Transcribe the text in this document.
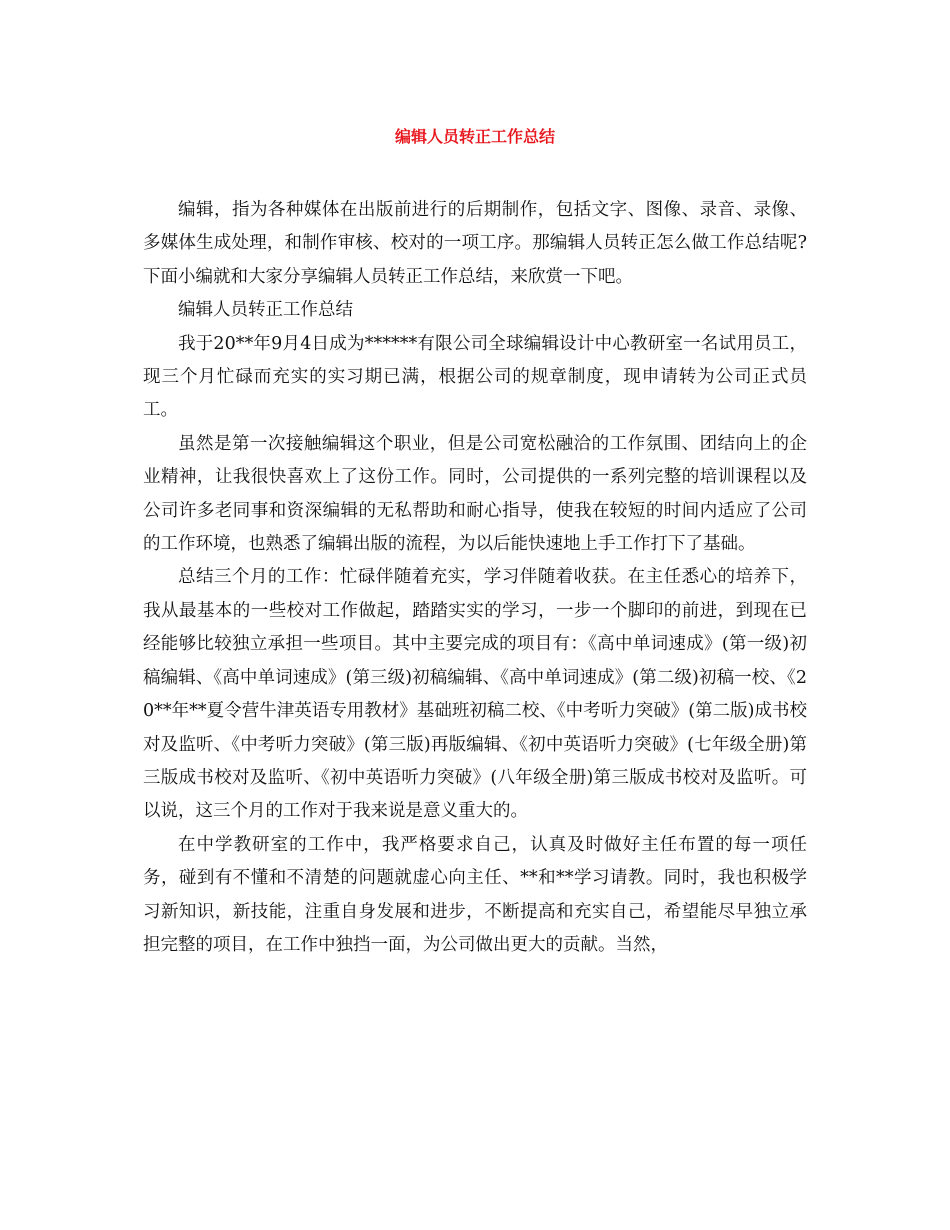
编辑人员转正工作总结

编辑，指为各种媒体在出版前进行的后期制作，包括文字、图像、录音、录像、多媒体生成处理，和制作审核、校对的一项工序。那编辑人员转正怎么做工作总结呢?下面小编就和大家分享编辑人员转正工作总结，来欣赏一下吧。

编辑人员转正工作总结

我于20**年9月4日成为******有限公司全球编辑设计中心教研室一名试用员工，现三个月忙碌而充实的实习期已满，根据公司的规章制度，现申请转为公司正式员工。

虽然是第一次接触编辑这个职业，但是公司宽松融洽的工作氛围、团结向上的企业精神，让我很快喜欢上了这份工作。同时，公司提供的一系列完整的培训课程以及公司许多老同事和资深编辑的无私帮助和耐心指导，使我在较短的时间内适应了公司的工作环境，也熟悉了编辑出版的流程，为以后能快速地上手工作打下了基础。

总结三个月的工作：忙碌伴随着充实，学习伴随着收获。在主任悉心的培养下，我从最基本的一些校对工作做起，踏踏实实的学习，一步一个脚印的前进，到现在已经能够比较独立承担一些项目。其中主要完成的项目有：《高中单词速成》(第一级)初稿编辑、《高中单词速成》(第三级)初稿编辑、《高中单词速成》(第二级)初稿一校、《20**年**夏令营牛津英语专用教材》基础班初稿二校、《中考听力突破》(第二版)成书校对及监听、《中考听力突破》(第三版)再版编辑、《初中英语听力突破》(七年级全册)第三版成书校对及监听、《初中英语听力突破》(八年级全册)第三版成书校对及监听。可以说，这三个月的工作对于我来说是意义重大的。

在中学教研室的工作中，我严格要求自己，认真及时做好主任布置的每一项任务，碰到有不懂和不清楚的问题就虚心向主任、**和**学习请教。同时，我也积极学习新知识，新技能，注重自身发展和进步，不断提高和充实自己，希望能尽早独立承担完整的项目，在工作中独挡一面，为公司做出更大的贡献。当然，
